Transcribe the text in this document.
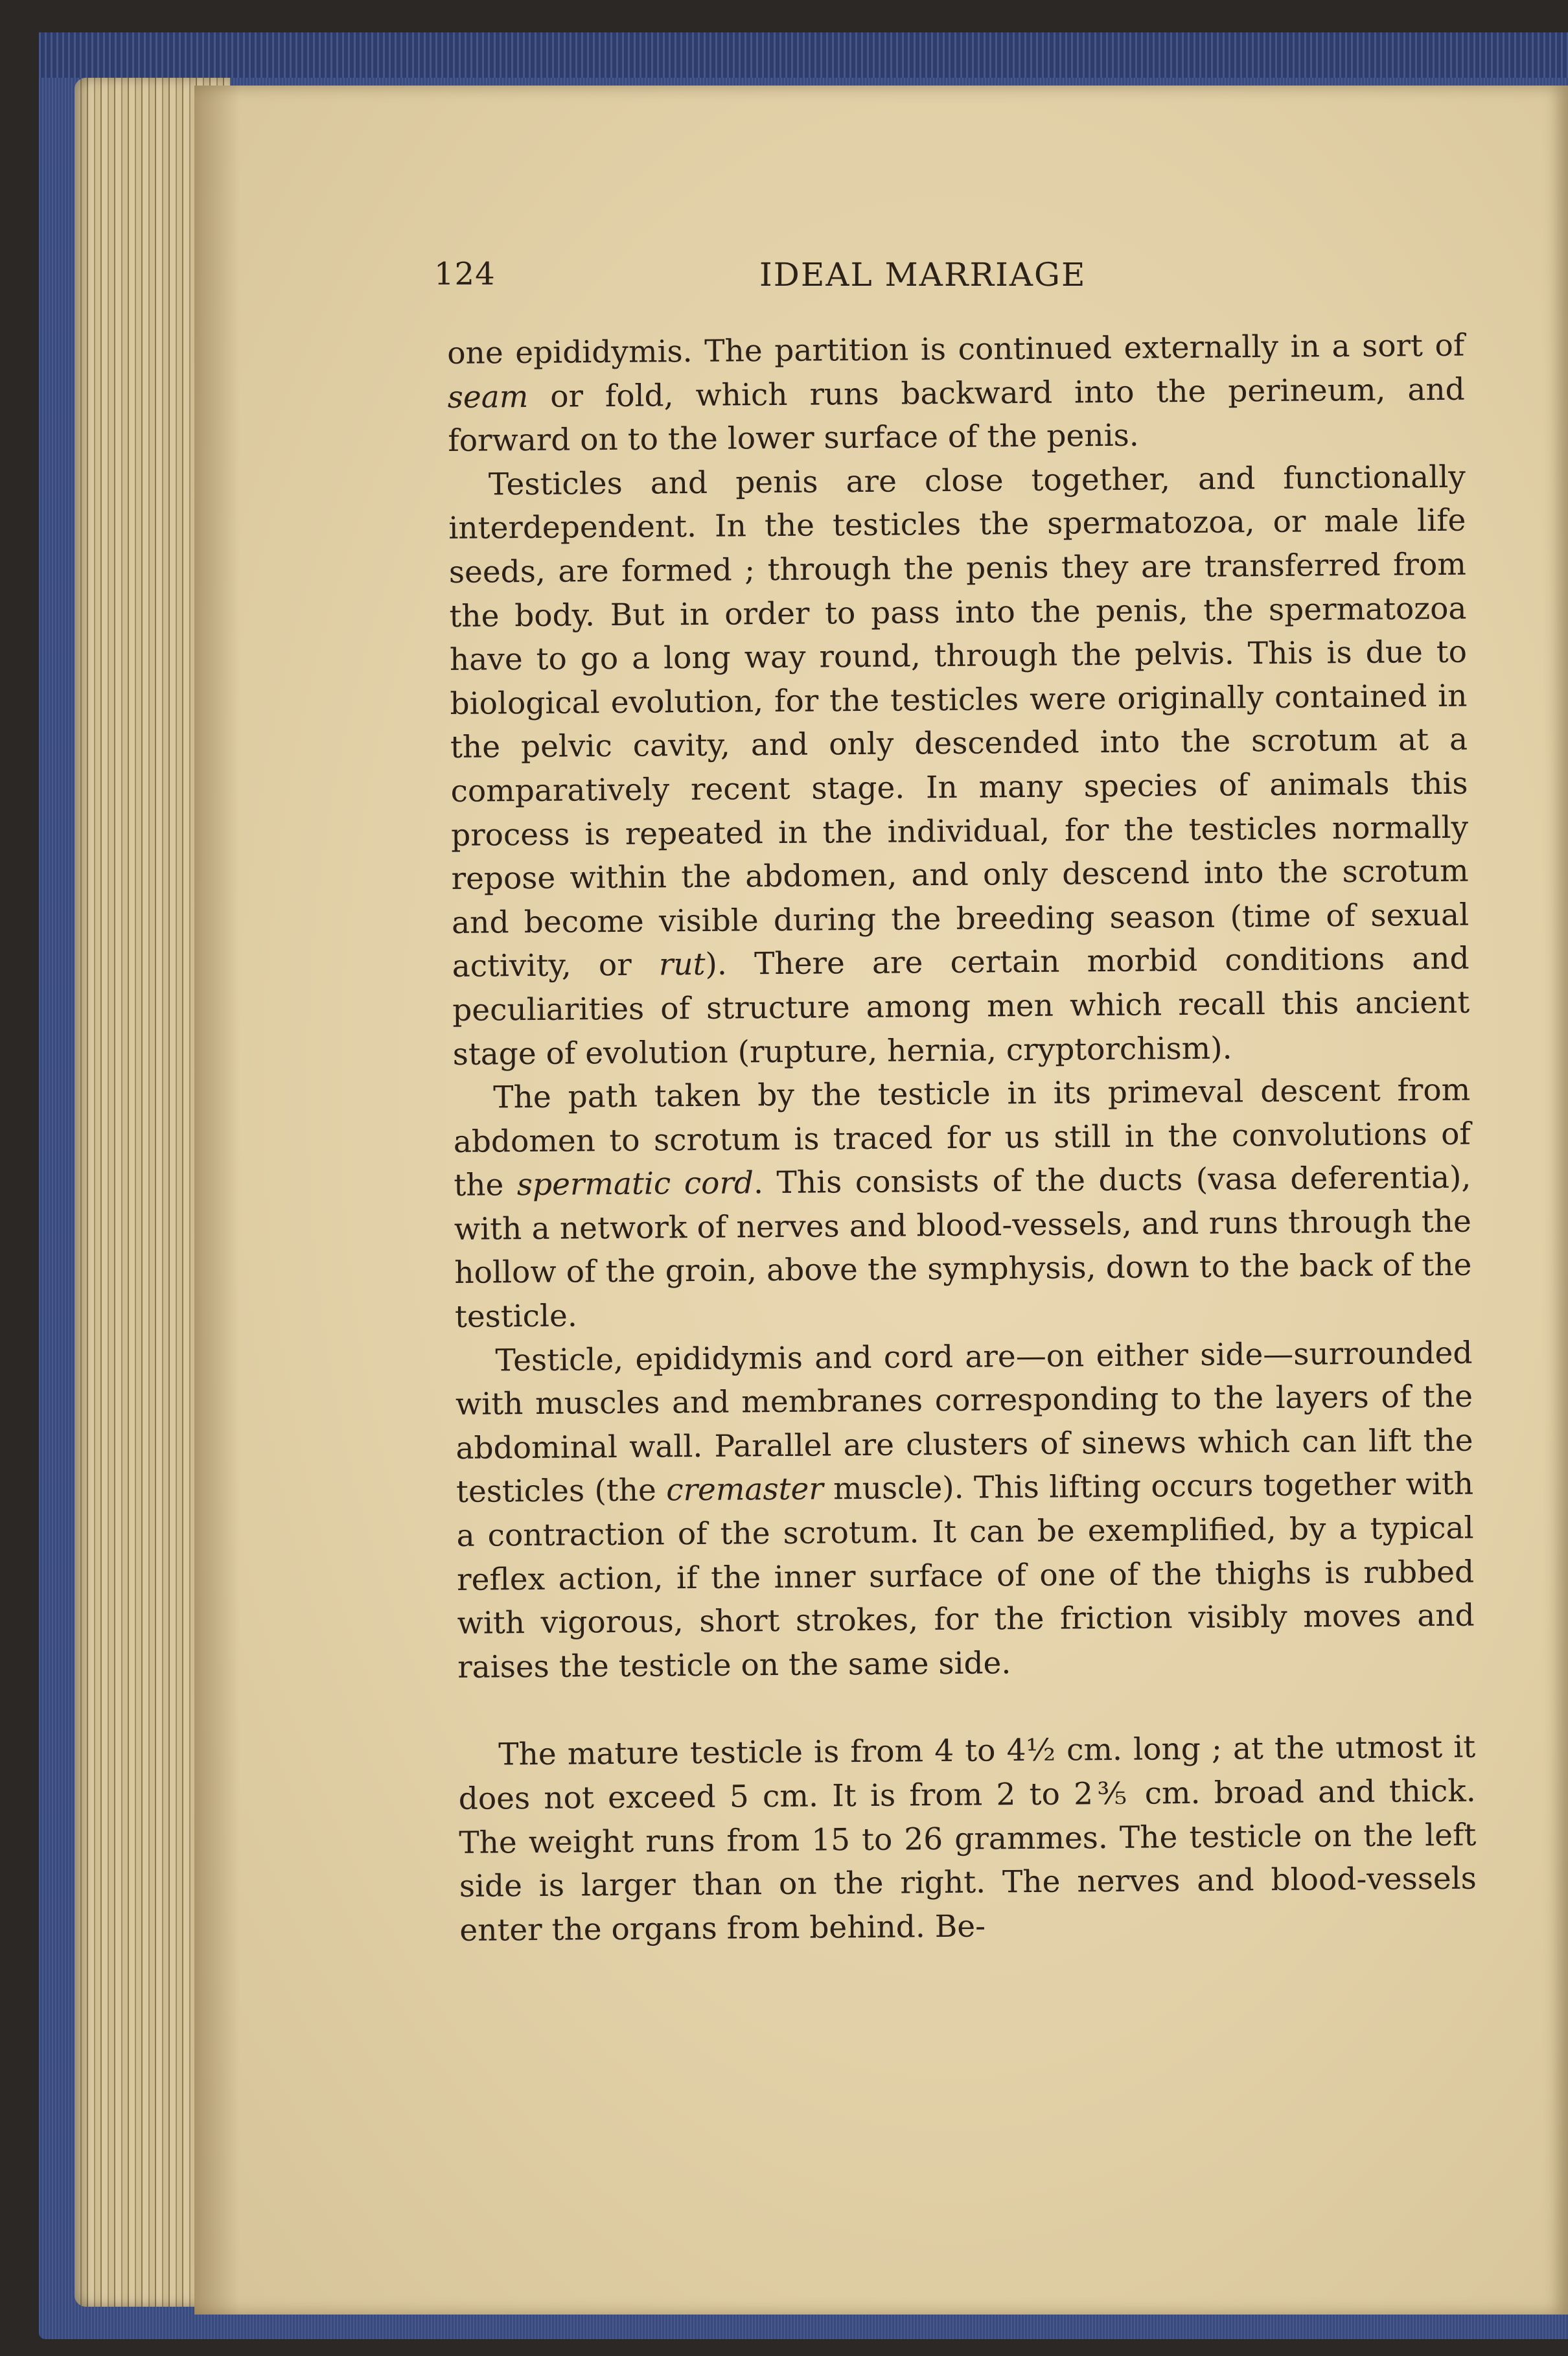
124	IDEAL MARRIAGE

one epididymis. The partition is continued externally in a sort of seam or fold, which runs backward into the perineum, and forward on to the lower surface of the penis.

Testicles and penis are close together, and functionally interdependent. In the testicles the spermatozoa, or male life seeds, are formed ; through the penis they are transferred from the body. But in order to pass into the penis, the spermatozoa have to go a long way round, through the pelvis. This is due to biological evolution, for the testicles were originally contained in the pelvic cavity, and only descended into the scrotum at a comparatively recent stage. In many species of animals this process is repeated in the individual, for the testicles normally repose within the abdomen, and only descend into the scrotum and become visible during the breeding season (time of sexual activity, or rut). There are certain morbid conditions and peculiarities of structure among men which recall this ancient stage of evolution (rupture, hernia, cryptorchism).

The path taken by the testicle in its primeval descent from abdomen to scrotum is traced for us still in the convolutions of the spermatic cord. This consists of the ducts (vasa deferentia), with a network of nerves and blood-vessels, and runs through the hollow of the groin, above the symphysis, down to the back of the testicle.

Testicle, epididymis and cord are—on either side—surrounded with muscles and membranes corresponding to the layers of the abdominal wall. Parallel are clusters of sinews which can lift the testicles (the cremaster muscle). This lifting occurs together with a contraction of the scrotum. It can be exemplified, by a typical reflex action, if the inner surface of one of the thighs is rubbed with vigorous, short strokes, for the friction visibly moves and raises the testicle on the same side.

The mature testicle is from 4 to 4½ cm. long ; at the utmost it does not exceed 5 cm. It is from 2 to 2⅗ cm. broad and thick. The weight runs from 15 to 26 grammes. The testicle on the left side is larger than on the right. The nerves and blood-vessels enter the organs from behind. Be-
